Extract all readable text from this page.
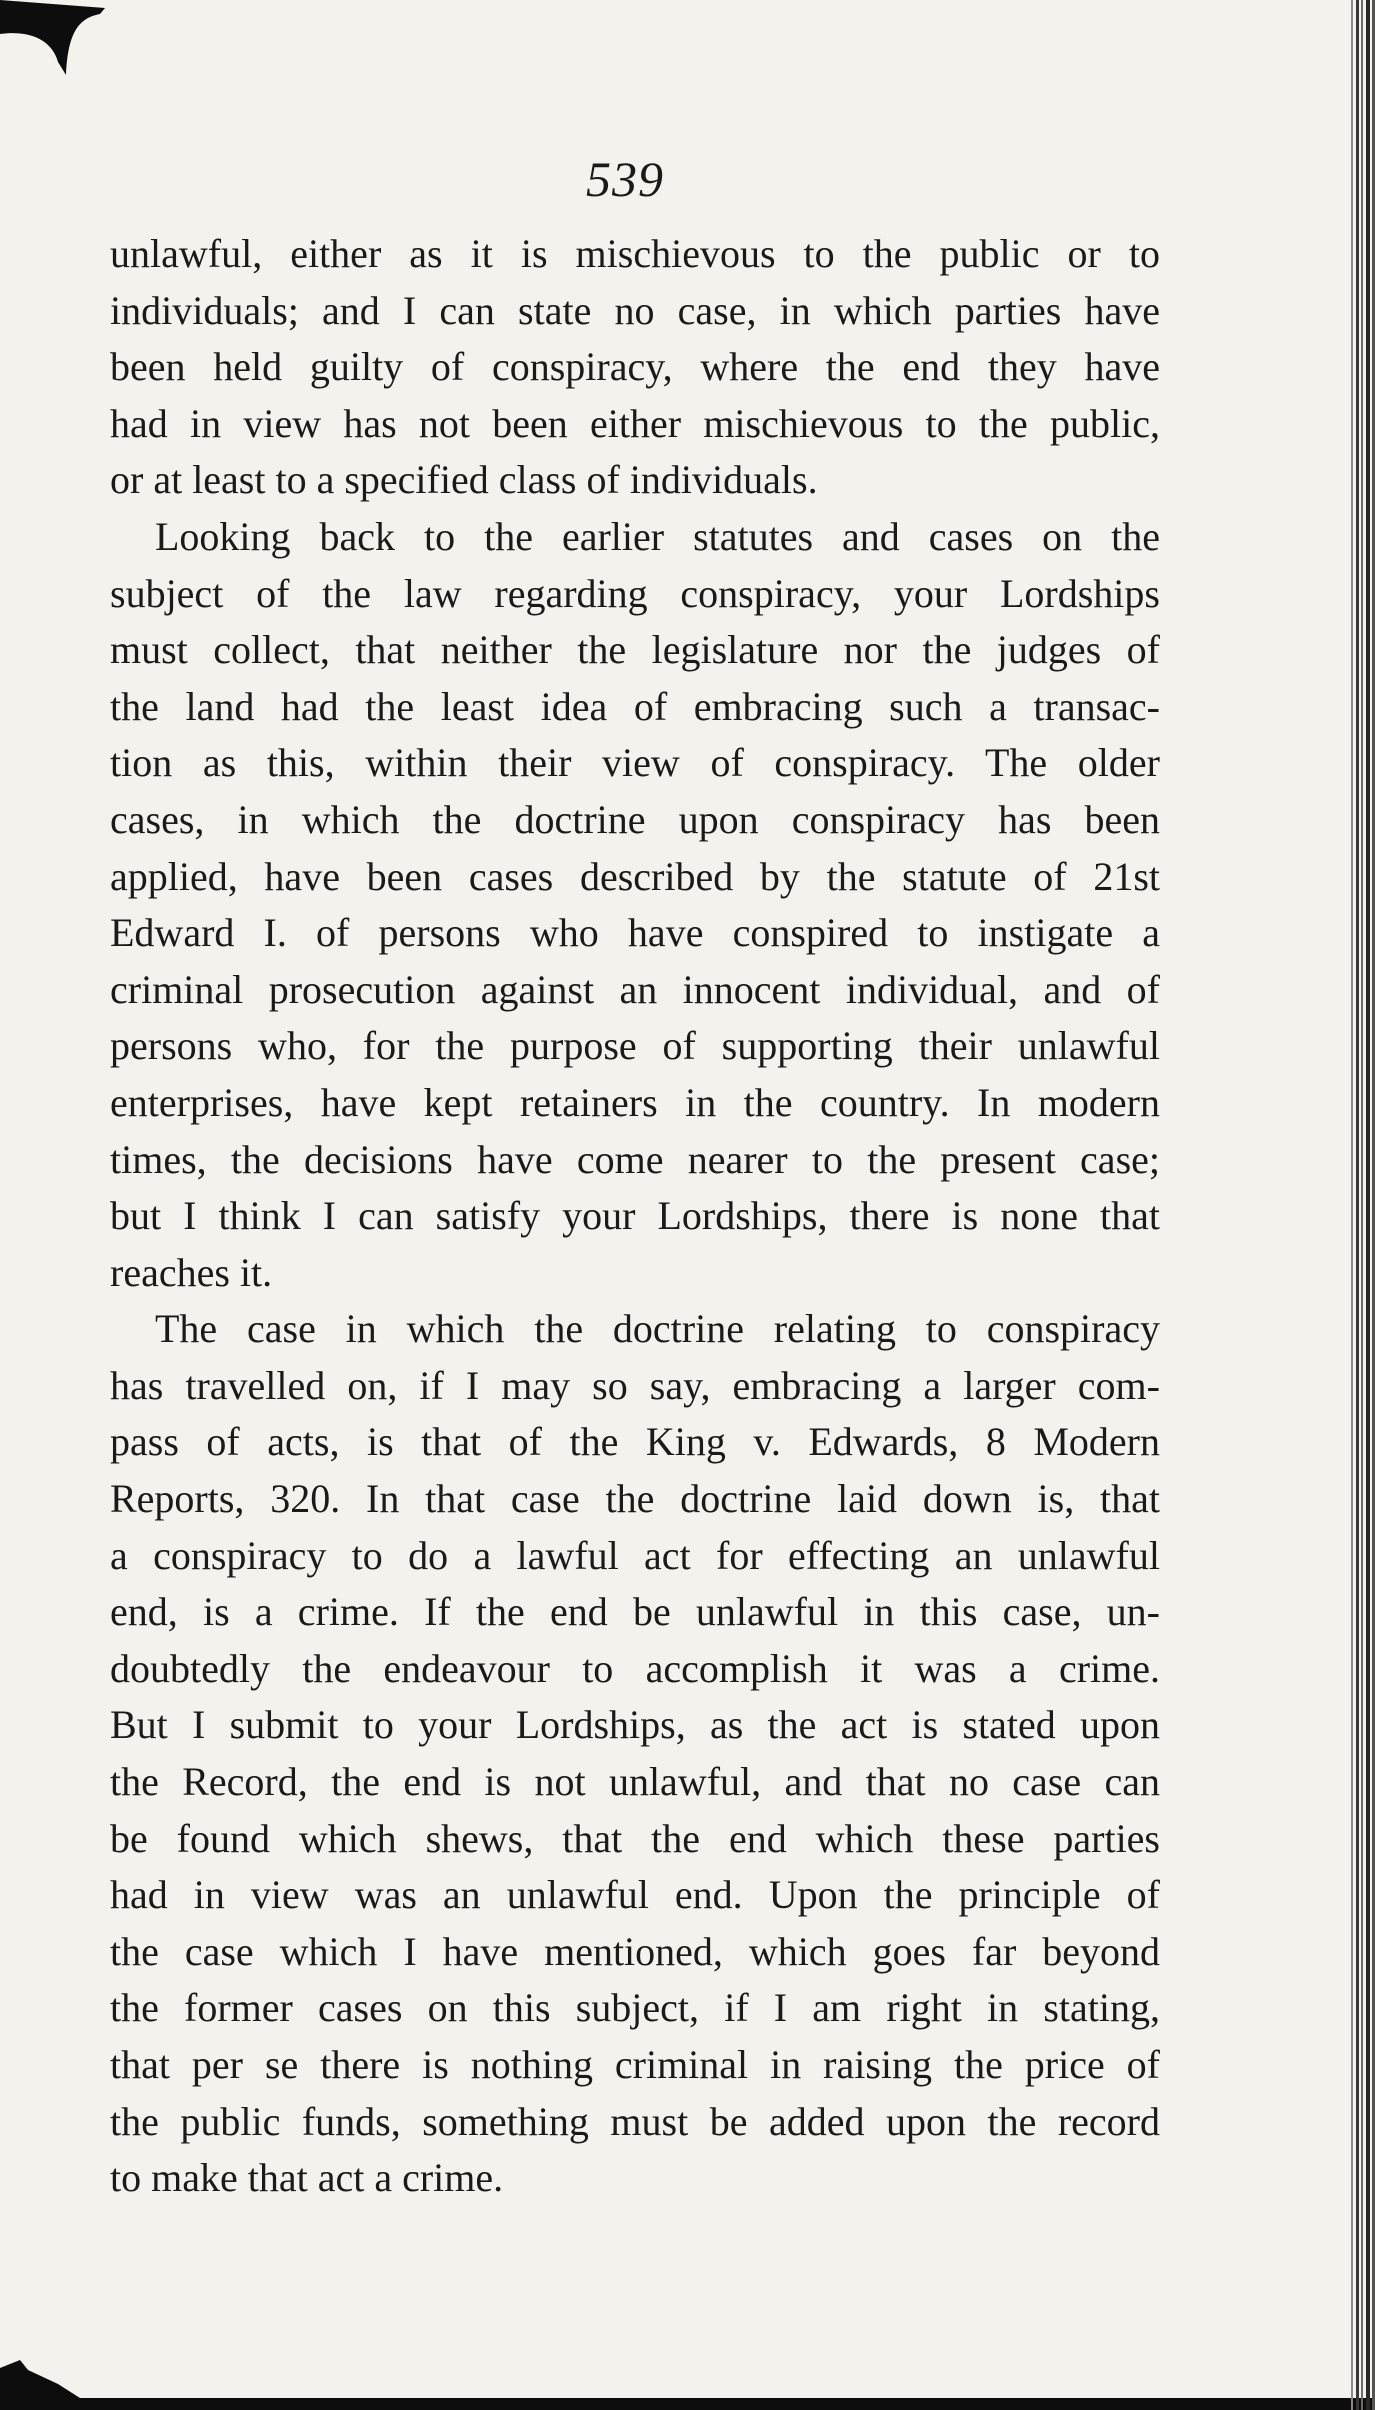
539
unlawful, either as it is mischievous to the public or to
individuals; and I can state no case, in which parties have
been held guilty of conspiracy, where the end they have
had in view has not been either mischievous to the public,
or at least to a specified class of individuals.
Looking back to the earlier statutes and cases on the
subject of the law regarding conspiracy, your Lordships
must collect, that neither the legislature nor the judges of
the land had the least idea of embracing such a transac-
tion as this, within their view of conspiracy. The older
cases, in which the doctrine upon conspiracy has been
applied, have been cases described by the statute of 21st
Edward I. of persons who have conspired to instigate a
criminal prosecution against an innocent individual, and of
persons who, for the purpose of supporting their unlawful
enterprises, have kept retainers in the country. In modern
times, the decisions have come nearer to the present case;
but I think I can satisfy your Lordships, there is none that
reaches it.
The case in which the doctrine relating to conspiracy
has travelled on, if I may so say, embracing a larger com-
pass of acts, is that of the King v. Edwards, 8 Modern
Reports, 320. In that case the doctrine laid down is, that
a conspiracy to do a lawful act for effecting an unlawful
end, is a crime. If the end be unlawful in this case, un-
doubtedly the endeavour to accomplish it was a crime.
But I submit to your Lordships, as the act is stated upon
the Record, the end is not unlawful, and that no case can
be found which shews, that the end which these parties
had in view was an unlawful end. Upon the principle of
the case which I have mentioned, which goes far beyond
the former cases on this subject, if I am right in stating,
that per se there is nothing criminal in raising the price of
the public funds, something must be added upon the record
to make that act a crime.
